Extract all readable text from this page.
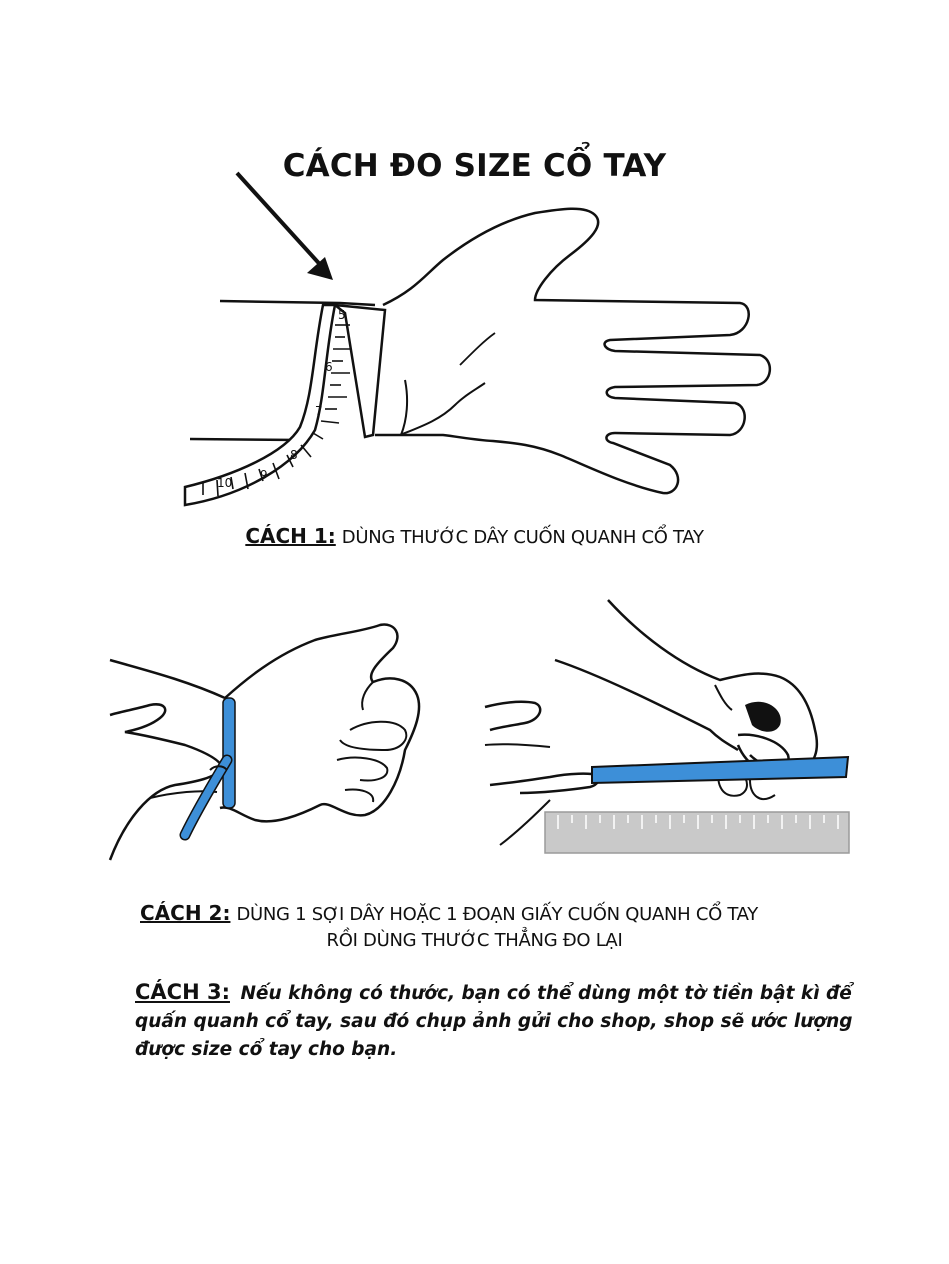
CÁCH ĐO SIZE CỔ TAY
5
6
7
8
9
10
CÁCH 1: DÙNG THƯỚC DÂY CUỐN QUANH CỔ TAY
CÁCH 2: DÙNG 1 SỢI DÂY HOẶC 1 ĐOẠN GIẤY CUỐN QUANH CỔ TAY
RỒI DÙNG THƯỚC THẲNG ĐO LẠI
CÁCH 3: Nếu không có thước, bạn có thể dùng một tờ tiền bật kì để quấn quanh cổ tay, sau đó chụp ảnh gửi cho shop, shop sẽ ước lượng được size cổ tay cho bạn.
